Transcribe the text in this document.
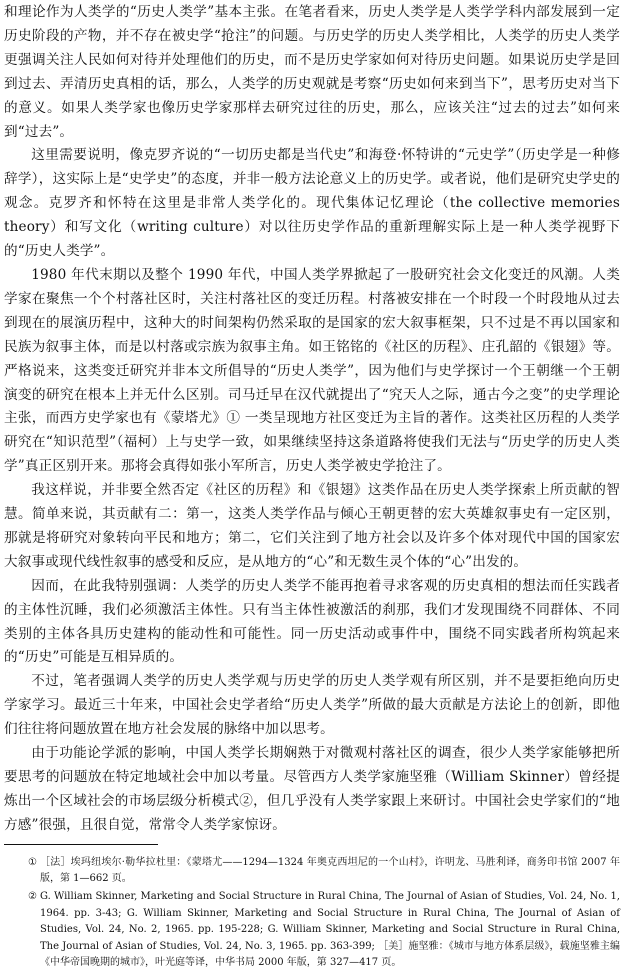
和理论作为人类学的“历史人类学”基本主张。在笔者看来，历史人类学是人类学学科内部发展到一定历史阶段的产物，并不存在被史学“抢注”的问题。与历史学的历史人类学相比，人类学的历史人类学更强调关注人民如何对待并处理他们的历史，而不是历史学家如何对待历史问题。如果说历史学是回到过去、弄清历史真相的话，那么，人类学的历史观就是考察“历史如何来到当下”，思考历史对当下的意义。如果人类学家也像历史学家那样去研究过往的历史，那么，应该关注“过去的过去”如何来到“过去”。

这里需要说明，像克罗齐说的“一切历史都是当代史”和海登·怀特讲的“元史学”（历史学是一种修辞学），这实际上是“史学史”的态度，并非一般方法论意义上的历史学。或者说，他们是研究史学史的观念。克罗齐和怀特在这里是非常人类学化的。现代集体记忆理论（the collective memories theory）和写文化（writing culture）对以往历史学作品的重新理解实际上是一种人类学视野下的“历史人类学”。

1980 年代末期以及整个 1990 年代，中国人类学界掀起了一股研究社会文化变迁的风潮。人类学家在聚焦一个个村落社区时，关注村落社区的变迁历程。村落被安排在一个时段一个时段地从过去到现在的展演历程中，这种大的时间架构仍然采取的是国家的宏大叙事框架，只不过是不再以国家和民族为叙事主体，而是以村落或宗族为叙事主角。如王铭铭的《社区的历程》、庄孔韶的《银翅》等。严格说来，这类变迁研究并非本文所倡导的“历史人类学”，因为他们与史学探讨一个王朝继一个王朝演变的研究在根本上并无什么区别。司马迁早在汉代就提出了“究天人之际，通古今之变”的史学理论主张，而西方史学家也有《蒙塔尤》① 一类呈现地方社区变迁为主旨的著作。这类社区历程的人类学研究在“知识范型”（福柯）上与史学一致，如果继续坚持这条道路将使我们无法与“历史学的历史人类学”真正区别开来。那将会真得如张小军所言，历史人类学被史学抢注了。

我这样说，并非要全然否定《社区的历程》和《银翅》这类作品在历史人类学探索上所贡献的智慧。简单来说，其贡献有二：第一，这类人类学作品与倾心王朝更替的宏大英雄叙事史有一定区别，那就是将研究对象转向平民和地方；第二，它们关注到了地方社会以及许多个体对现代中国的国家宏大叙事或现代线性叙事的感受和反应，是从地方的“心”和无数生灵个体的“心”出发的。

因而，在此我特别强调：人类学的历史人类学不能再抱着寻求客观的历史真相的想法而任实践者的主体性沉睡，我们必须激活主体性。只有当主体性被激活的刹那，我们才发现围绕不同群体、不同类别的主体各具历史建构的能动性和可能性。同一历史活动或事件中，围绕不同实践者所构筑起来的“历史”可能是互相异质的。

不过，笔者强调人类学的历史人类学观与历史学的历史人类学观有所区别，并不是要拒绝向历史学家学习。最近三十年来，中国社会史学者给“历史人类学”所做的最大贡献是方法论上的创新，即他们往往将问题放置在地方社会发展的脉络中加以思考。

由于功能论学派的影响，中国人类学长期娴熟于对微观村落社区的调查，很少人类学家能够把所要思考的问题放在特定地域社会中加以考量。尽管西方人类学家施坚雅（William Skinner）曾经提炼出一个区域社会的市场层级分析模式②，但几乎没有人类学家跟上来研讨。中国社会史学家们的“地方感”很强，且很自觉，常常令人类学家惊讶。

① ［法］埃玛纽埃尔·勒华拉杜里：《蒙塔尤——1294—1324 年奥克西坦尼的一个山村》，许明龙、马胜利译，商务印书馆 2007 年版，第 1—662 页。
② G. William Skinner, Marketing and Social Structure in Rural China, The Journal of Asian of Studies, Vol. 24, No. 1, 1964. pp. 3-43; G. William Skinner, Marketing and Social Structure in Rural China, The Journal of Asian of Studies, Vol. 24, No. 2, 1965. pp. 195-228; G. William Skinner, Marketing and Social Structure in Rural China, The Journal of Asian of Studies, Vol. 24, No. 3, 1965. pp. 363-399; ［美］施坚雅：《城市与地方体系层级》，载施坚雅主编《中华帝国晚期的城市》，叶光庭等译，中华书局 2000 年版，第 327—417 页。
